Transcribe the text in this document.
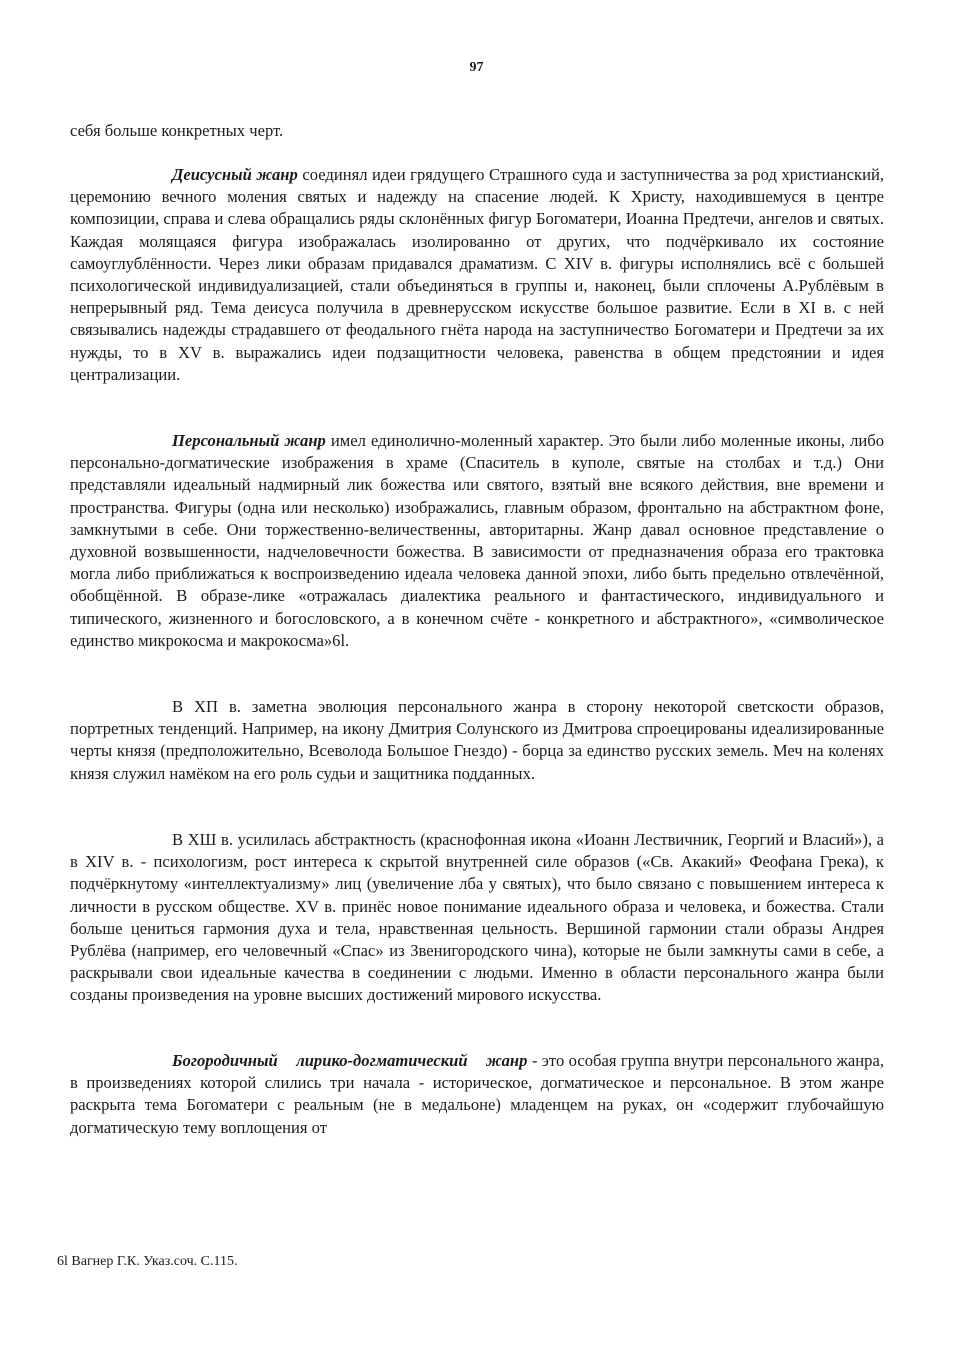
97

себя больше конкретных черт.

Деисусный жанр соединял идеи грядущего Страшного суда и заступничества за род христианский, церемонию вечного моления святых и надежду на спасение людей. К Христу, находившемуся в центре композиции, справа и слева обращались ряды склонённых фигур Богоматери, Иоанна Предтечи, ангелов и святых. Каждая молящаяся фигура изображалась изолированно от других, что подчёркивало их состояние самоуглублённости. Через лики образам придавался драматизм. С XIV в. фигуры исполнялись всё с большей психологической индивидуализацией, стали объединяться в группы и, наконец, были сплочены А.Рублёвым в непрерывный ряд. Тема деисуса получила в древнерусском искусстве большое развитие. Если в XI в. с ней связывались надежды страдавшего от феодального гнёта народа на заступничество Богоматери и Предтечи за их нужды, то в XV в. выражались идеи подзащитности человека, равенства в общем предстоянии и идея централизации.

Персональный жанр имел единолично-моленный характер. Это были либо моленные иконы, либо персонально-догматические изображения в храме (Спаситель в куполе, святые на столбах и т.д.) Они представляли идеальный надмирный лик божества или святого, взятый вне всякого действия, вне времени и пространства. Фигуры (одна или несколько) изображались, главным образом, фронтально на абстрактном фоне, замкнутыми в себе. Они торжественно-величественны, авторитарны. Жанр давал основное представление о духовной возвышенности, надчеловечности божества. В зависимости от предназначения образа его трактовка могла либо приближаться к воспроизведению идеала человека данной эпохи, либо быть предельно отвлечённой, обобщённой. В образе-лике «отражалась диалектика реального и фантастического, индивидуального и типического, жизненного и богословского, а в конечном счёте - конкретного и абстрактного», «символическое единство микрокосма и макрокосма»6l.

В ХП в. заметна эволюция персонального жанра в сторону некоторой светскости образов, портретных тенденций. Например, на икону Дмитрия Солунского из Дмитрова спроецированы идеализированные черты князя (предположительно, Всеволода Большое Гнездо) - борца за единство русских земель. Меч на коленях князя служил намёком на его роль судьи и защитника подданных.

В ХШ в. усилилась абстрактность (краснофонная икона «Иоанн Лествичник, Георгий и Власий»), а в XIV в. - психологизм, рост интереса к скрытой внутренней силе образов («Св. Акакий» Феофана Грека), к подчёркнутому «интеллектуализму» лиц (увеличение лба у святых), что было связано с повышением интереса к личности в русском обществе. XV в. принёс новое понимание идеального образа и человека, и божества. Стали больше цениться гармония духа и тела, нравственная цельность. Вершиной гармонии стали образы Андрея Рублёва (например, его человечный «Спас» из Звенигородского чина), которые не были замкнуты сами в себе, а раскрывали свои идеальные качества в соединении с людьми. Именно в области персонального жанра были созданы произведения на уровне высших достижений мирового искусства.

Богородичный лирико-догматический жанр - это особая группа внутри персонального жанра, в произведениях которой слились три начала - историческое, догматическое и персональное. В этом жанре раскрыта тема Богоматери с реальным (не в медальоне) младенцем на руках, он «содержит глубочайшую догматическую тему воплощения от

6l Вагнер Г.К. Указ.соч. С.115.
